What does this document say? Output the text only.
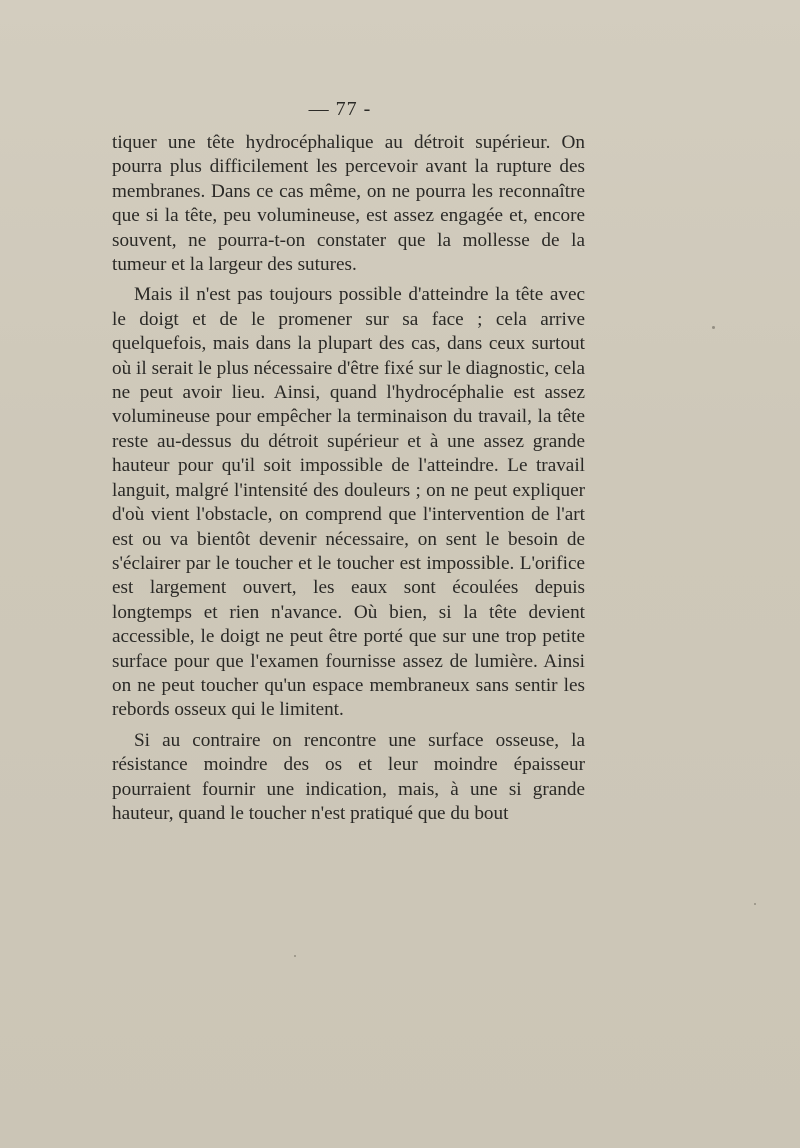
— 77 -

tiquer une tête hydrocéphalique au détroit supérieur. On pourra plus difficilement les percevoir avant la rupture des membranes. Dans ce cas même, on ne pourra les reconnaître que si la tête, peu volumineuse, est assez engagée et, encore souvent, ne pourra-t-on constater que la mollesse de la tumeur et la largeur des sutures.

Mais il n'est pas toujours possible d'atteindre la tête avec le doigt et de le promener sur sa face ; cela arrive quelquefois, mais dans la plupart des cas, dans ceux surtout où il serait le plus nécessaire d'être fixé sur le diagnostic, cela ne peut avoir lieu. Ainsi, quand l'hydrocéphalie est assez volumineuse pour empêcher la terminaison du travail, la tête reste au-dessus du détroit supérieur et à une assez grande hauteur pour qu'il soit impossible de l'atteindre. Le travail languit, malgré l'intensité des douleurs ; on ne peut expliquer d'où vient l'obstacle, on comprend que l'intervention de l'art est ou va bientôt devenir nécessaire, on sent le besoin de s'éclairer par le toucher et le toucher est impossible. L'orifice est largement ouvert, les eaux sont écoulées depuis longtemps et rien n'avance. Où bien, si la tête devient accessible, le doigt ne peut être porté que sur une trop petite surface pour que l'examen fournisse assez de lumière. Ainsi on ne peut toucher qu'un espace membraneux sans sentir les rebords osseux qui le limitent.

Si au contraire on rencontre une surface osseuse, la résistance moindre des os et leur moindre épaisseur pourraient fournir une indication, mais, à une si grande hauteur, quand le toucher n'est pratiqué que du bout
